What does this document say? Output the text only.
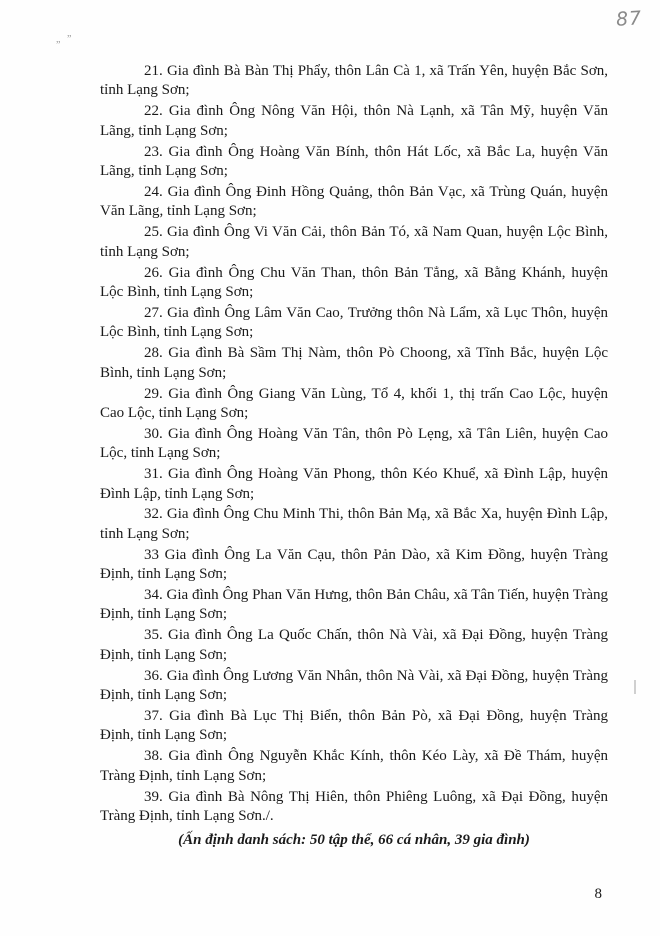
87
„ ”

21. Gia đình Bà Bàn Thị Phẩy, thôn Lân Cà 1, xã Trấn Yên, huyện Bắc Sơn, tỉnh Lạng Sơn;

22. Gia đình Ông Nông Văn Hội, thôn Nà Lạnh, xã Tân Mỹ, huyện Văn Lãng, tỉnh Lạng Sơn;

23. Gia đình Ông Hoàng Văn Bính, thôn Hát Lốc, xã Bắc La, huyện Văn Lãng, tỉnh Lạng Sơn;

24. Gia đình Ông Đinh Hồng Quảng, thôn Bản Vạc, xã Trùng Quán, huyện Văn Lãng, tỉnh Lạng Sơn;

25. Gia đình Ông Vi Văn Cải, thôn Bản Tó, xã Nam Quan, huyện Lộc Bình, tỉnh Lạng Sơn;

26. Gia đình Ông Chu Văn Than, thôn Bản Tẳng, xã Bằng Khánh, huyện Lộc Bình, tỉnh Lạng Sơn;

27. Gia đình Ông Lâm Văn Cao, Trưởng thôn Nà Lẩm, xã Lục Thôn, huyện Lộc Bình, tỉnh Lạng Sơn;

28. Gia đình Bà Sầm Thị Nàm, thôn Pò Choong, xã Tĩnh Bắc, huyện Lộc Bình, tỉnh Lạng Sơn;

29. Gia đình Ông Giang Văn Lùng, Tổ 4, khối 1, thị trấn Cao Lộc, huyện Cao Lộc, tỉnh Lạng Sơn;

30. Gia đình Ông Hoàng Văn Tân, thôn Pò Lẹng, xã Tân Liên, huyện Cao Lộc, tỉnh Lạng Sơn;

31. Gia đình Ông Hoàng Văn Phong, thôn Kéo Khuể, xã Đình Lập, huyện Đình Lập, tỉnh Lạng Sơn;

32. Gia đình Ông Chu Minh Thi, thôn Bản Mạ, xã Bắc Xa, huyện Đình Lập, tỉnh Lạng Sơn;

33 Gia đình Ông La Văn Cạu, thôn Pản Dào, xã Kim Đồng, huyện Tràng Định, tỉnh Lạng Sơn;

34. Gia đình Ông Phan Văn Hưng, thôn Bản Châu, xã Tân Tiến, huyện Tràng Định, tỉnh Lạng Sơn;

35. Gia đình Ông La Quốc Chấn, thôn Nà Vài, xã Đại Đồng, huyện Tràng Định, tỉnh Lạng Sơn;

36. Gia đình Ông Lương Văn Nhân, thôn Nà Vài, xã Đại Đồng, huyện Tràng Định, tỉnh Lạng Sơn;

37. Gia đình Bà Lục Thị Biển, thôn Bản Pò, xã Đại Đồng, huyện Tràng Định, tỉnh Lạng Sơn;

38. Gia đình Ông Nguyễn Khắc Kính, thôn Kéo Lày, xã Đề Thám, huyện Tràng Định, tỉnh Lạng Sơn;

39. Gia đình Bà Nông Thị Hiên, thôn Phiêng Luông, xã Đại Đồng, huyện Tràng Định, tỉnh Lạng Sơn./.

(Ấn định danh sách: 50 tập thể, 66 cá nhân, 39 gia đình)

8
